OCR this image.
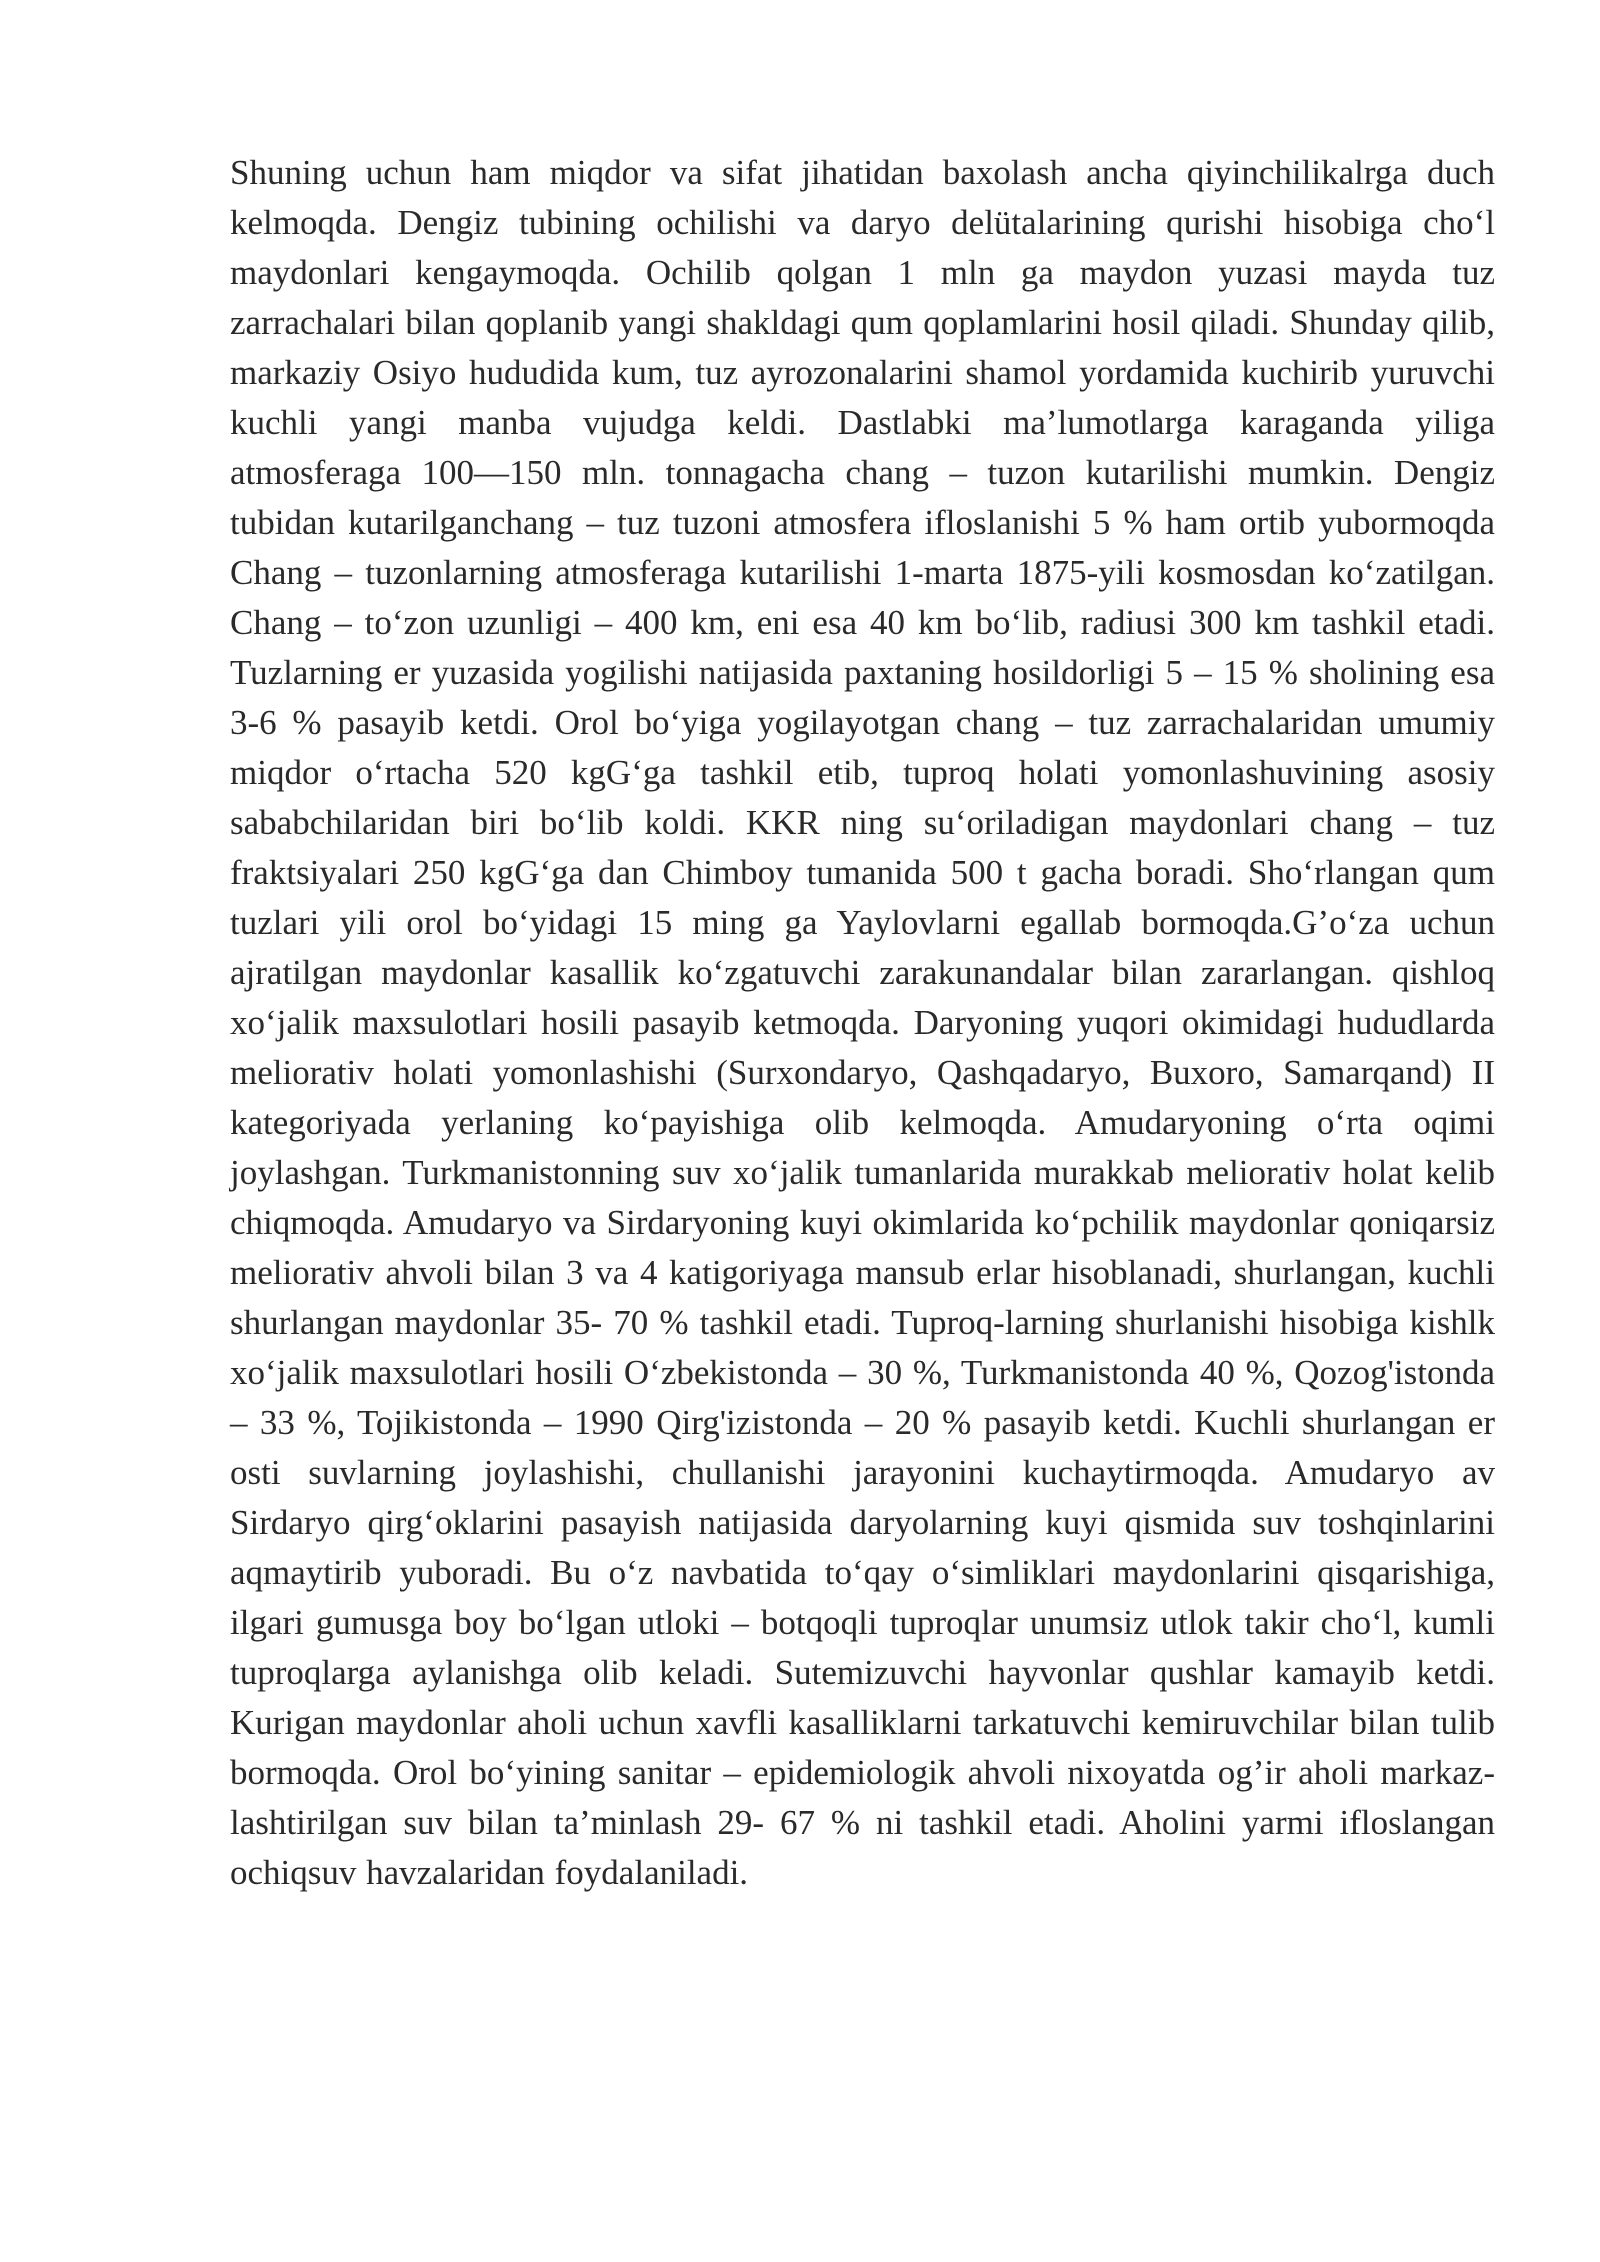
Shuning uchun ham miqdor va sifat jihatidan baxolash ancha qiyinchilikalrga duch kelmoqda. Dengiz tubining ochilishi va daryo delütalarining qurishi hisobiga cho‘l maydonlari kengaymoqda. Ochilib qolgan 1 mln ga maydon yuzasi mayda tuz zarrachalari bilan qoplanib yangi shakldagi qum qoplamlarini hosil qiladi. Shunday qilib, markaziy Osiyo hududida kum, tuz ayrozonalarini shamol yordamida kuchirib yuruvchi kuchli yangi manba vujudga keldi. Dastlabki ma’lumotlarga karaganda yiliga atmosferaga 100—150 mln. tonnagacha chang – tuzon kutarilishi mumkin. Dengiz tubidan kutarilganchang – tuz tuzoni atmosfera ifloslanishi 5 % ham ortib yubormoqda Chang – tuzonlarning atmosferaga kutarilishi 1-marta 1875-yili kosmosdan ko‘zatilgan. Chang – to‘zon uzunligi – 400 km, eni esa 40 km bo‘lib, radiusi 300 km tashkil etadi. Tuzlarning er yuzasida yogilishi natijasida paxtaning hosildorligi 5 – 15 % sholining esa 3-6 % pasayib ketdi. Orol bo‘yiga yogilayotgan chang – tuz zarrachalaridan umumiy miqdor o‘rtacha 520 kgG‘ga tashkil etib, tuproq holati yomonlashuvining asosiy sababchilaridan biri bo‘lib koldi. KKR ning su‘oriladigan maydonlari chang – tuz fraktsiyalari 250 kgG‘ga dan Chimboy tumanida 500 t gacha boradi. Sho‘rlangan qum tuzlari yili orol bo‘yidagi 15 ming ga Yaylovlarni egallab bormoqda.G’o‘za uchun ajratilgan maydonlar kasallik ko‘zgatuvchi zarakunandalar bilan zararlangan. qishloq xo‘jalik maxsulotlari hosili pasayib ketmoqda. Daryoning yuqori okimidagi hududlarda meliorativ holati yomonlashishi (Surxondaryo, Qashqadaryo, Buxoro, Samarqand) II kategoriyada yerlaning ko‘payishiga olib kelmoqda. Amudaryoning o‘rta oqimi joylashgan. Turkmanistonning suv xo‘jalik tumanlarida murakkab meliorativ holat kelib chiqmoqda. Amudaryo va Sirdaryoning kuyi okimlarida ko‘pchilik maydonlar qoniqarsiz meliorativ ahvoli bilan 3 va 4 katigoriyaga mansub erlar hisoblanadi, shurlangan, kuchli shurlangan maydonlar 35- 70 % tashkil etadi. Tuproq-larning shurlanishi hisobiga kishlk xo‘jalik maxsulotlari hosili O‘zbekistonda – 30 %, Turkmanistonda 40 %, Qozog'istonda – 33 %, Tojikistonda – 1990 Qirg'izistonda – 20 % pasayib ketdi. Kuchli shurlangan er osti suvlarning joylashishi, chullanishi jarayonini kuchaytirmoqda. Amudaryo av Sirdaryo qirg‘oklarini pasayish natijasida daryolarning kuyi qismida suv toshqinlarini aqmaytirib yuboradi. Bu o‘z navbatida to‘qay o‘simliklari maydonlarini qisqarishiga, ilgari gumusga boy bo‘lgan utloki – botqoqli tuproqlar unumsiz utlok takir cho‘l, kumli tuproqlarga aylanishga olib keladi. Sutemizuvchi hayvonlar qushlar kamayib ketdi. Kurigan maydonlar aholi uchun xavfli kasalliklarni tarkatuvchi kemiruvchilar bilan tulib bormoqda. Orol bo‘yining sanitar – epidemiologik ahvoli nixoyatda og’ir aholi markaz-lashtirilgan suv bilan ta’minlash 29- 67 % ni tashkil etadi. Aholini yarmi ifloslangan ochiqsuv havzalaridan foydalaniladi.
